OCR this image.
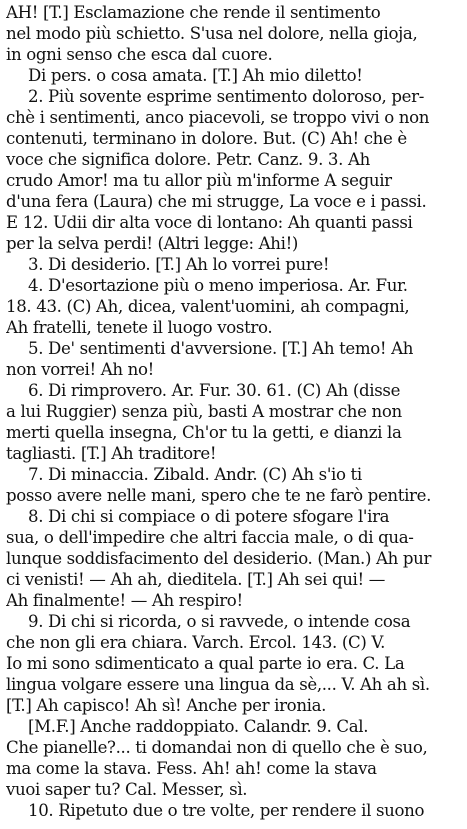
AH! [T.] Esclamazione che rende il sentimento
nel modo più schietto. S'usa nel dolore, nella gioja,
in ogni senso che esca dal cuore.
Di pers. o cosa amata. [T.] Ah mio diletto!
2. Più sovente esprime sentimento doloroso, per-
chè i sentimenti, anco piacevoli, se troppo vivi o non
contenuti, terminano in dolore. But. (C) Ah! che è
voce che significa dolore. Petr. Canz. 9. 3. Ah
crudo Amor! ma tu allor più m'informe A seguir
d'una fera (Laura) che mi strugge, La voce e i passi.
E 12. Udii dir alta voce di lontano: Ah quanti passi
per la selva perdi! (Altri legge: Ahi!)
3. Di desiderio. [T.] Ah lo vorrei pure!
4. D'esortazione più o meno imperiosa. Ar. Fur.
18. 43. (C) Ah, dicea, valent'uomini, ah compagni,
Ah fratelli, tenete il luogo vostro.
5. De' sentimenti d'avversione. [T.] Ah temo! Ah
non vorrei! Ah no!
6. Di rimprovero. Ar. Fur. 30. 61. (C) Ah (disse
a lui Ruggier) senza più, basti A mostrar che non
merti quella insegna, Ch'or tu la getti, e dianzi la
tagliasti. [T.] Ah traditore!
7. Di minaccia. Zibald. Andr. (C) Ah s'io ti
posso avere nelle mani, spero che te ne farò pentire.
8. Di chi si compiace o di potere sfogare l'ira
sua, o dell'impedire che altri faccia male, o di qua-
lunque soddisfacimento del desiderio. (Man.) Ah pur
ci venisti! — Ah ah, dieditela. [T.] Ah sei qui! —
Ah finalmente! — Ah respiro!
9. Di chi si ricorda, o si ravvede, o intende cosa
che non gli era chiara. Varch. Ercol. 143. (C) V.
Io mi sono sdimenticato a qual parte io era. C. La
lingua volgare essere una lingua da sè,... V. Ah ah sì.
[T.] Ah capisco! Ah sì! Anche per ironia.
[M.F.] Anche raddoppiato. Calandr. 9. Cal.
Che pianelle?... ti domandai non di quello che è suo,
ma come la stava. Fess. Ah! ah! come la stava
vuoi saper tu? Cal. Messer, sì.
10. Ripetuto due o tre volte, per rendere il suono
